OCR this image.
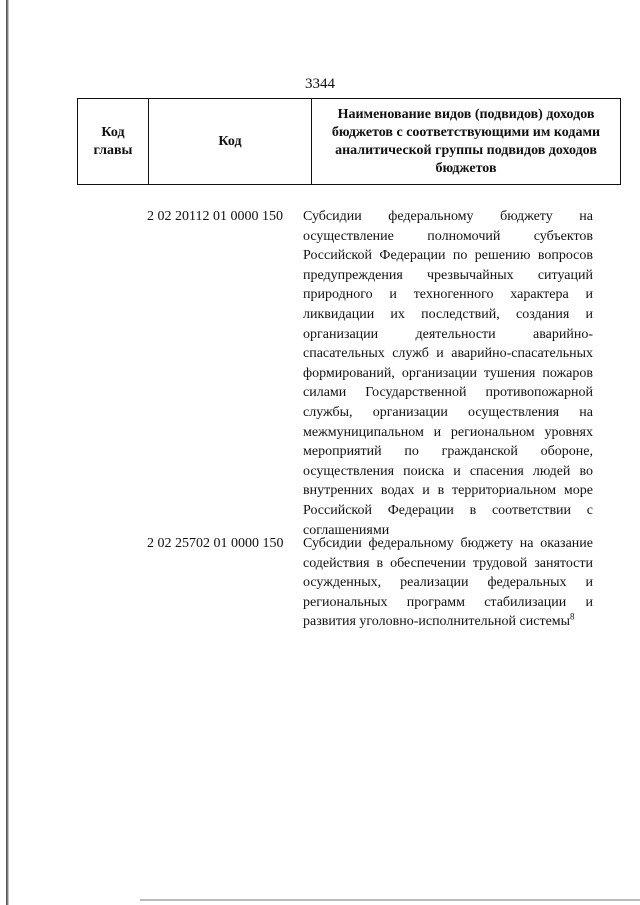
3344
Код главы	Код	Наименование видов (подвидов) доходов бюджетов с соответствующими им кодами аналитической группы подвидов доходов бюджетов
2 02 20112 01 0000 150 Субсидии федеральному бюджету на осуществление полномочий субъектов Российской Федерации по решению вопросов предупреждения чрезвычайных ситуаций природного и техногенного характера и ликвидации их последствий, создания и организации деятельности аварийно-спасательных служб и аварийно-спасательных формирований, организации тушения пожаров силами Государственной противопожарной службы, организации осуществления на межмуниципальном и региональном уровнях мероприятий по гражданской обороне, осуществления поиска и спасения людей во внутренних водах и в территориальном море Российской Федерации в соответствии с соглашениями
2 02 25702 01 0000 150 Субсидии федеральному бюджету на оказание содействия в обеспечении трудовой занятости осужденных, реализации федеральных и региональных программ стабилизации и развития уголовно-исполнительной системы$^8$
